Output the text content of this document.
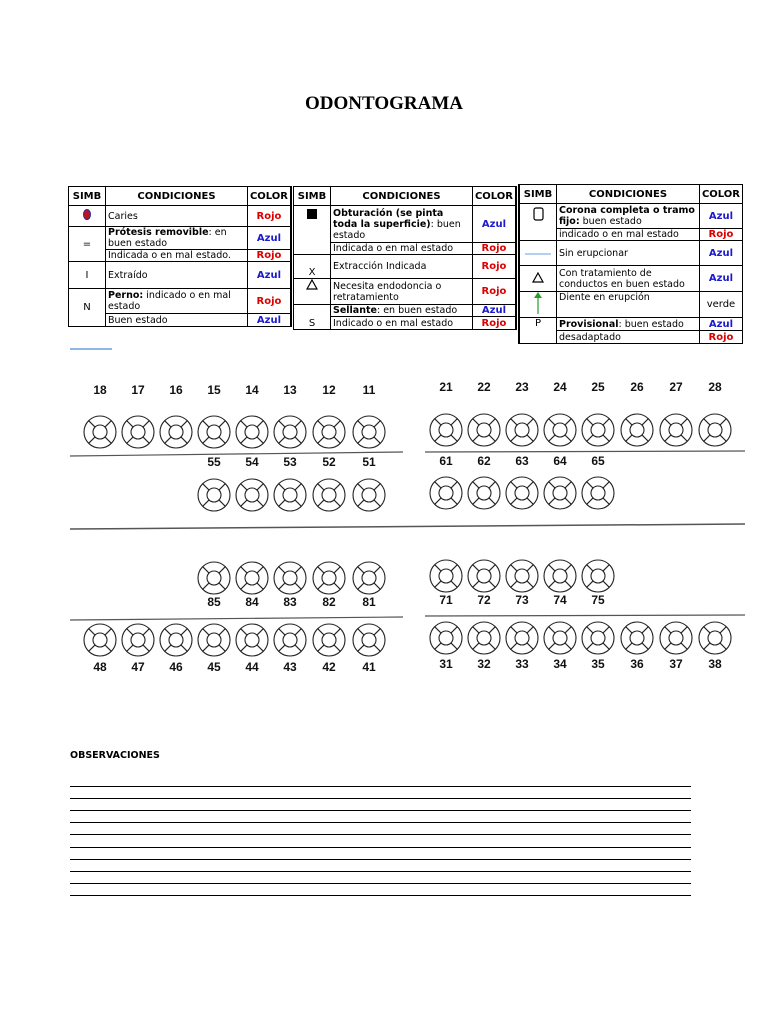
ODONTOGRAMA
SIMB	CONDICIONES	COLOR
	Caries	Rojo
=	Prótesis removible: en buen estado	Azul
	Indicada o en mal estado.	Rojo
I	Extraído	Azul
N	Perno: indicado o en mal estado	Rojo
	Buen estado	Azul
SIMB	CONDICIONES	COLOR
	Obturación (se pinta toda la superficie): buen estado	Azul
	Indicada o en mal estado	Rojo
X	Extracción Indicada	Rojo
	Necesita endodoncia o retratamiento	Rojo
S	Sellante: en buen estado	Azul
	Indicado o en mal estado	Rojo
SIMB	CONDICIONES	COLOR
	Corona completa o tramo fijo: buen estado	Azul
	indicado o en mal estado	Rojo
	Sin erupcionar	Azul
	Con tratamiento de conductos en buen estado	Azul
	Diente en erupción	verde
P	Provisional: buen estado	Azul
	desadaptado	Rojo
18 17 16 15 14 13 12 11	21 22 23 24 25 26 27 28
55 54 53 52 51	61 62 63 64 65
85 84 83 82 81	71 72 73 74 75
48 47 46 45 44 43 42 41	31 32 33 34 35 36 37 38
OBSERVACIONES
